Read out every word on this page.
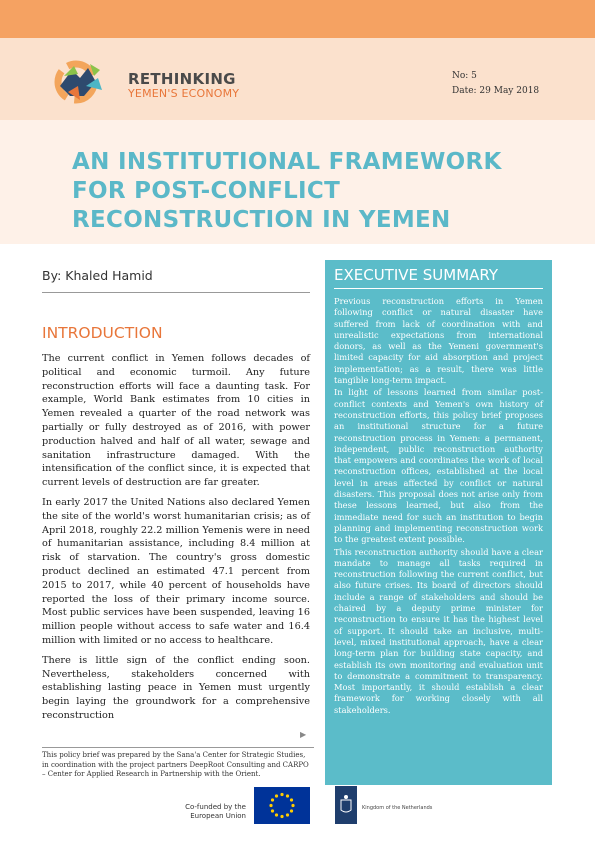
RETHINKING
YEMEN'S ECONOMY
No: 5
Date: 29 May 2018
AN INSTITUTIONAL FRAMEWORK FOR POST-CONFLICT RECONSTRUCTION IN YEMEN
By: Khaled Hamid
INTRODUCTION

The current conflict in Yemen follows decades of political and economic turmoil. Any future reconstruction efforts will face a daunting task. For example, World Bank estimates from 10 cities in Yemen revealed a quarter of the road network was partially or fully destroyed as of 2016, with power production halved and half of all water, sewage and sanitation infrastructure damaged. With the intensification of the conflict since, it is expected that current levels of destruction are far greater.

In early 2017 the United Nations also declared Yemen the site of the world's worst humanitarian crisis; as of April 2018, roughly 22.2 million Yemenis were in need of humanitarian assistance, including 8.4 million at risk of starvation. The country's gross domestic product declined an estimated 47.1 percent from 2015 to 2017, while 40 percent of households have reported the loss of their primary income source. Most public services have been suspended, leaving 16 million people without access to safe water and 16.4 million with limited or no access to healthcare.

There is little sign of the conflict ending soon. Nevertheless, stakeholders concerned with establishing lasting peace in Yemen must urgently begin laying the groundwork for a comprehensive reconstruction

▶
This policy brief was prepared by the Sana'a Center for Strategic Studies, in coordination with the project partners DeepRoot Consulting and CARPO – Center for Applied Research in Partnership with the Orient.
EXECUTIVE SUMMARY

Previous reconstruction efforts in Yemen following conflict or natural disaster have suffered from lack of coordination with and unrealistic expectations from international donors, as well as the Yemeni government's limited capacity for aid absorption and project implementation; as a result, there was little tangible long-term impact.

In light of lessons learned from similar post-conflict contexts and Yemen's own history of reconstruction efforts, this policy brief proposes an institutional structure for a future reconstruction process in Yemen: a permanent, independent, public reconstruction authority that empowers and coordinates the work of local reconstruction offices, established at the local level in areas affected by conflict or natural disasters. This proposal does not arise only from these lessons learned, but also from the immediate need for such an institution to begin planning and implementing reconstruction work to the greatest extent possible.

This reconstruction authority should have a clear mandate to manage all tasks required in reconstruction following the current conflict, but also future crises. Its board of directors should include a range of stakeholders and should be chaired by a deputy prime minister for reconstruction to ensure it has the highest level of support. It should take an inclusive, multi-level, mixed institutional approach, have a clear long-term plan for building state capacity, and establish its own monitoring and evaluation unit to demonstrate a commitment to transparency. Most importantly, it should establish a clear framework for working closely with all stakeholders.

Co-funded by the European Union
Kingdom of the Netherlands
